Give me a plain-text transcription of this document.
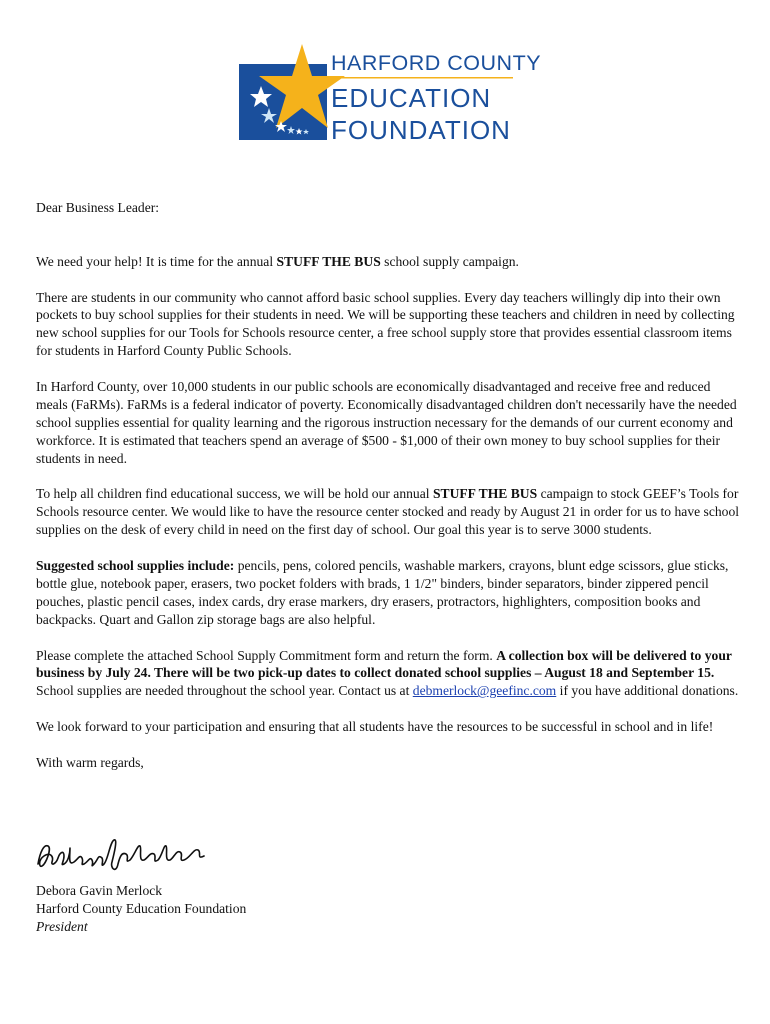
HARFORD COUNTY
EDUCATION
FOUNDATION

Dear Business Leader:

We need your help! It is time for the annual STUFF THE BUS school supply campaign.

There are students in our community who cannot afford basic school supplies. Every day teachers willingly dip into their own pockets to buy school supplies for their students in need. We will be supporting these teachers and children in need by collecting new school supplies for our Tools for Schools resource center, a free school supply store that provides essential classroom items for students in Harford County Public Schools.

In Harford County, over 10,000 students in our public schools are economically disadvantaged and receive free and reduced meals (FaRMs). FaRMs is a federal indicator of poverty. Economically disadvantaged children don't necessarily have the needed school supplies essential for quality learning and the rigorous instruction necessary for the demands of our current economy and workforce. It is estimated that teachers spend an average of $500 - $1,000 of their own money to buy school supplies for their students in need.

To help all children find educational success, we will be hold our annual STUFF THE BUS campaign to stock GEEF’s Tools for Schools resource center. We would like to have the resource center stocked and ready by August 21 in order for us to have school supplies on the desk of every child in need on the first day of school. Our goal this year is to serve 3000 students.

Suggested school supplies include: pencils, pens, colored pencils, washable markers, crayons, blunt edge scissors, glue sticks, bottle glue, notebook paper, erasers, two pocket folders with brads, 1 1/2" binders, binder separators, binder zippered pencil pouches, plastic pencil cases, index cards, dry erase markers, dry erasers, protractors, highlighters, composition books and backpacks. Quart and Gallon zip storage bags are also helpful.

Please complete the attached School Supply Commitment form and return the form. A collection box will be delivered to your business by July 24. There will be two pick-up dates to collect donated school supplies – August 18 and September 15. School supplies are needed throughout the school year. Contact us at debmerlock@geefinc.com if you have additional donations.

We look forward to your participation and ensuring that all students have the resources to be successful in school and in life!

With warm regards,

Debora Gavin Merlock
Harford County Education Foundation
President
